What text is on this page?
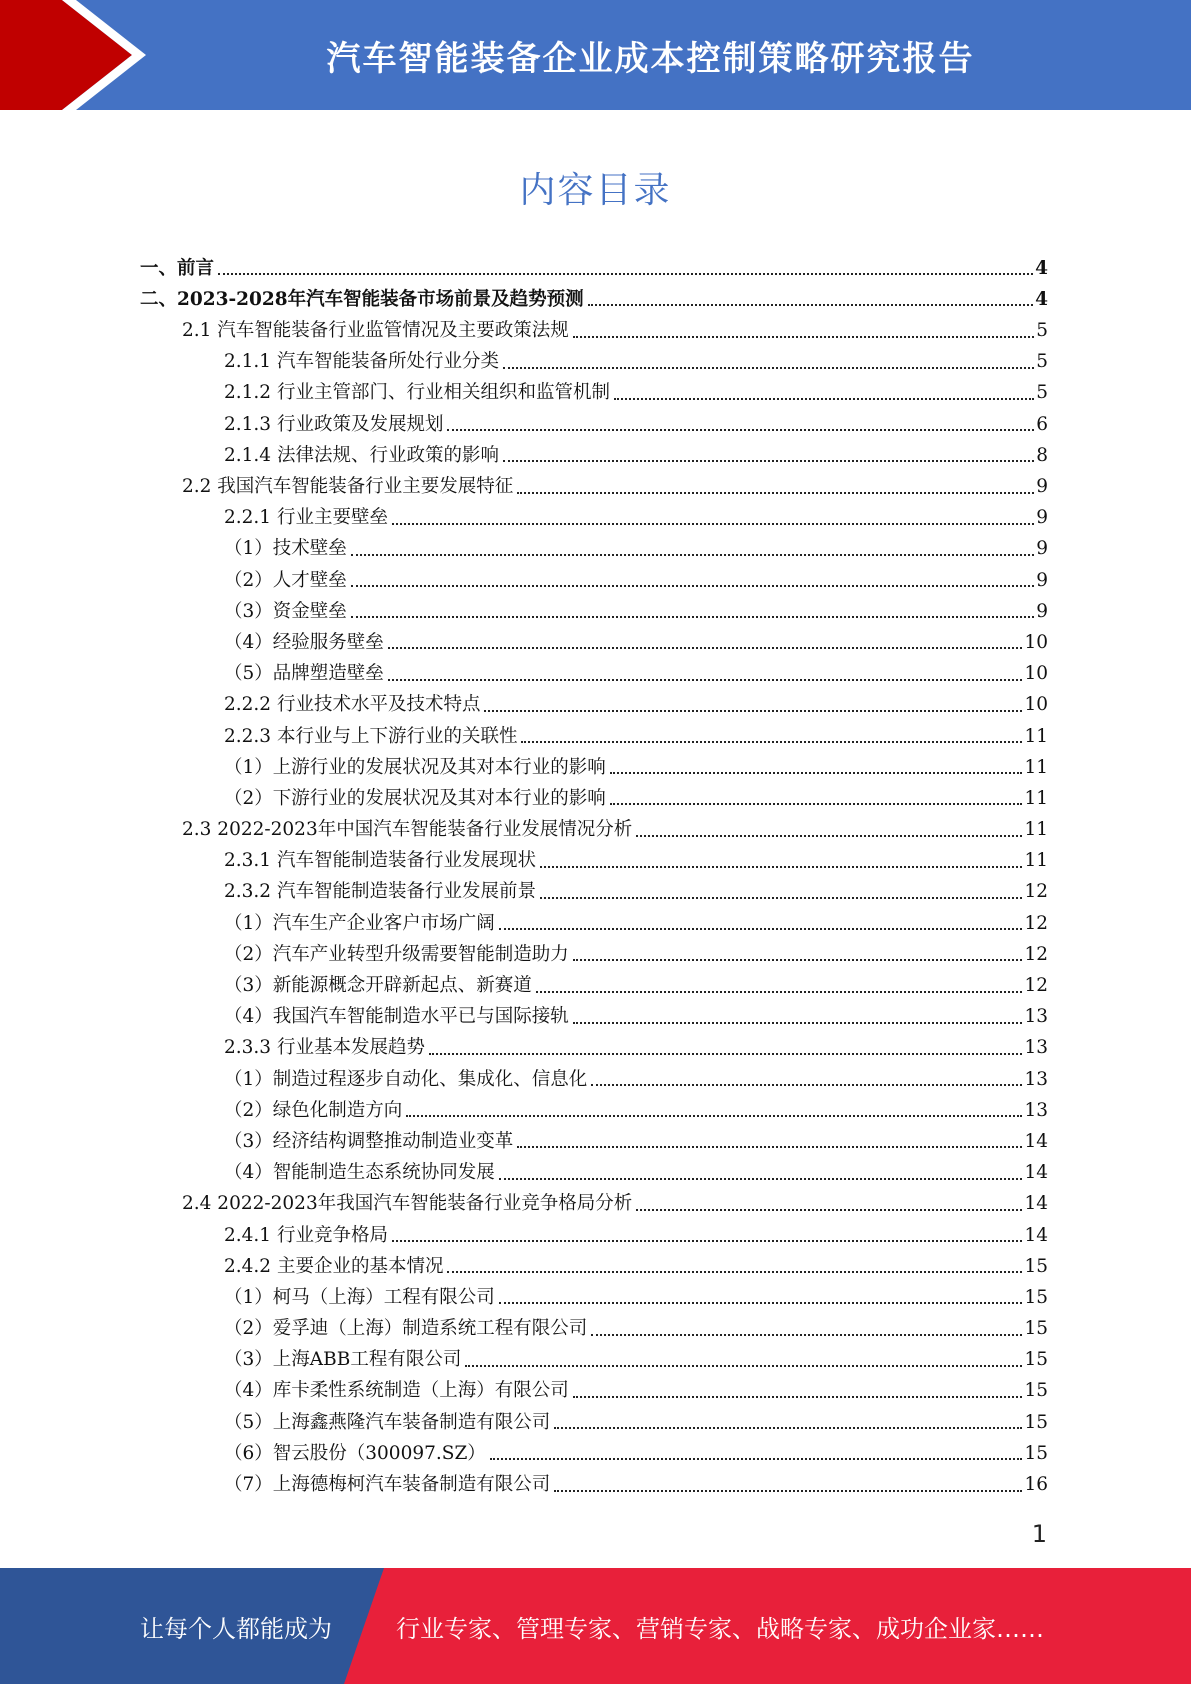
汽车智能装备企业成本控制策略研究报告
内容目录
一、前言	4
二、2023-2028年汽车智能装备市场前景及趋势预测	4
2.1 汽车智能装备行业监管情况及主要政策法规	5
2.1.1 汽车智能装备所处行业分类	5
2.1.2 行业主管部门、行业相关组织和监管机制	5
2.1.3 行业政策及发展规划	6
2.1.4 法律法规、行业政策的影响	8
2.2 我国汽车智能装备行业主要发展特征	9
2.2.1 行业主要壁垒	9
（1）技术壁垒	9
（2）人才壁垒	9
（3）资金壁垒	9
（4）经验服务壁垒	10
（5）品牌塑造壁垒	10
2.2.2 行业技术水平及技术特点	10
2.2.3 本行业与上下游行业的关联性	11
（1）上游行业的发展状况及其对本行业的影响	11
（2）下游行业的发展状况及其对本行业的影响	11
2.3 2022-2023年中国汽车智能装备行业发展情况分析	11
2.3.1 汽车智能制造装备行业发展现状	11
2.3.2 汽车智能制造装备行业发展前景	12
（1）汽车生产企业客户市场广阔	12
（2）汽车产业转型升级需要智能制造助力	12
（3）新能源概念开辟新起点、新赛道	12
（4）我国汽车智能制造水平已与国际接轨	13
2.3.3 行业基本发展趋势	13
（1）制造过程逐步自动化、集成化、信息化	13
（2）绿色化制造方向	13
（3）经济结构调整推动制造业变革	14
（4）智能制造生态系统协同发展	14
2.4 2022-2023年我国汽车智能装备行业竞争格局分析	14
2.4.1 行业竞争格局	14
2.4.2 主要企业的基本情况	15
（1）柯马（上海）工程有限公司	15
（2）爱孚迪（上海）制造系统工程有限公司	15
（3）上海ABB工程有限公司	15
（4）库卡柔性系统制造（上海）有限公司	15
（5）上海鑫燕隆汽车装备制造有限公司	15
（6）智云股份（300097.SZ）	15
（7）上海德梅柯汽车装备制造有限公司	16
1
让每个人都能成为	行业专家、管理专家、营销专家、战略专家、成功企业家……
